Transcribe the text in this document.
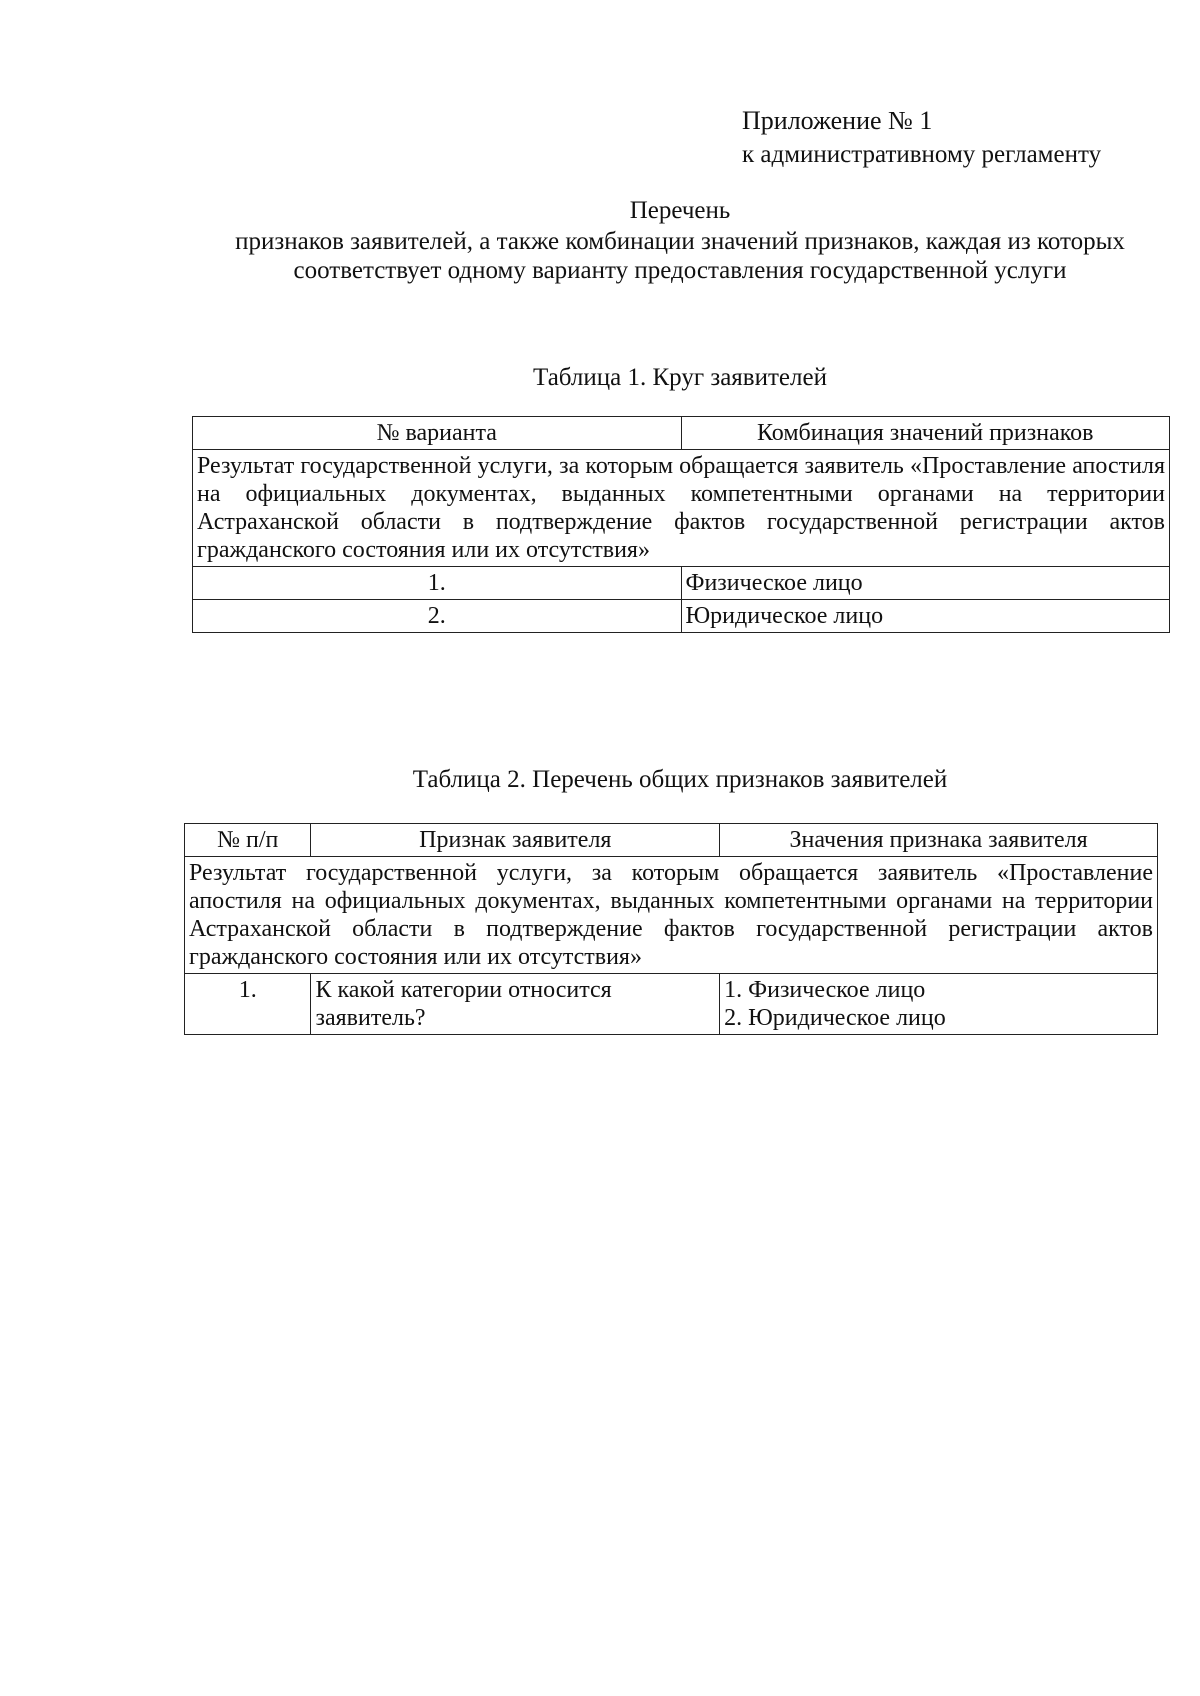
Приложение № 1
к административному регламенту
Перечень
признаков заявителей, а также комбинации значений признаков, каждая из которых соответствует одному варианту предоставления государственной услуги
Таблица 1. Круг заявителей
№ варианта	Комбинация значений признаков
Результат государственной услуги, за которым обращается заявитель «Проставление апостиля на официальных документах, выданных компетентными органами на территории Астраханской области в подтверждение фактов государственной регистрации актов гражданского состояния или их отсутствия»	
1.	Физическое лицо
2.	Юридическое лицо
Таблица 2. Перечень общих признаков заявителей
№ п/п	Признак заявителя	Значения признака заявителя
Результат государственной услуги, за которым обращается заявитель «Проставление апостиля на официальных документах, выданных компетентными органами на территории Астраханской области в подтверждение фактов государственной регистрации актов гражданского состояния или их отсутствия»		
1.	К какой категории относится заявитель?	1. Физическое лицо
2. Юридическое лицо
